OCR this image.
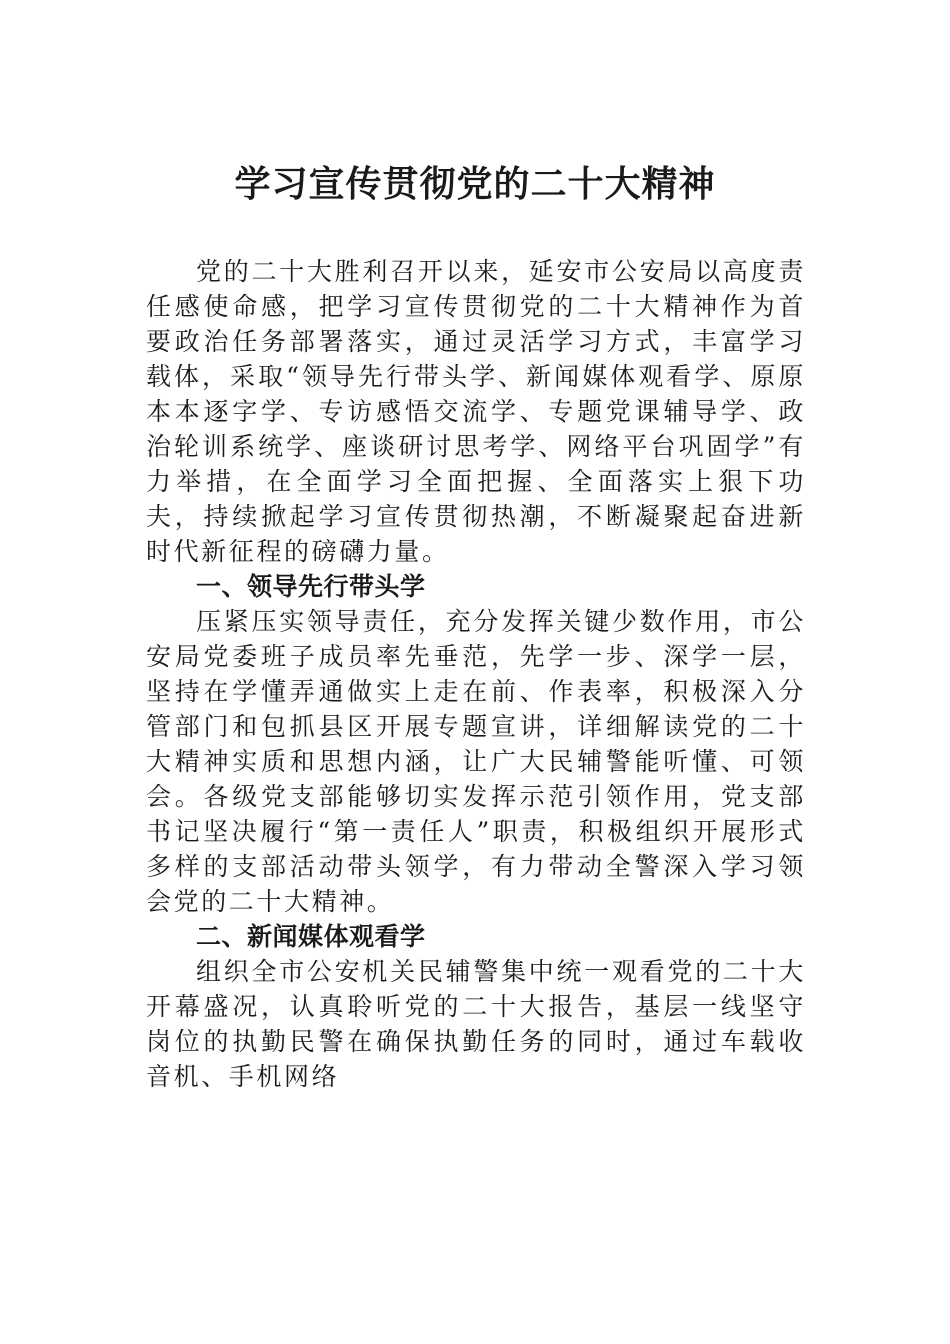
学习宣传贯彻党的二十大精神

党的二十大胜利召开以来，延安市公安局以高度责任感使命感，把学习宣传贯彻党的二十大精神作为首要政治任务部署落实，通过灵活学习方式，丰富学习载体，采取“领导先行带头学、新闻媒体观看学、原原本本逐字学、专访感悟交流学、专题党课辅导学、政治轮训系统学、座谈研讨思考学、网络平台巩固学”有力举措，在全面学习全面把握、全面落实上狠下功夫，持续掀起学习宣传贯彻热潮，不断凝聚起奋进新时代新征程的磅礴力量。

一、领导先行带头学

压紧压实领导责任，充分发挥关键少数作用，市公安局党委班子成员率先垂范，先学一步、深学一层，坚持在学懂弄通做实上走在前、作表率，积极深入分管部门和包抓县区开展专题宣讲，详细解读党的二十大精神实质和思想内涵，让广大民辅警能听懂、可领会。各级党支部能够切实发挥示范引领作用，党支部书记坚决履行“第一责任人”职责，积极组织开展形式多样的支部活动带头领学，有力带动全警深入学习领会党的二十大精神。

二、新闻媒体观看学

组织全市公安机关民辅警集中统一观看党的二十大开幕盛况，认真聆听党的二十大报告，基层一线坚守岗位的执勤民警在确保执勤任务的同时，通过车载收音机、手机网络
